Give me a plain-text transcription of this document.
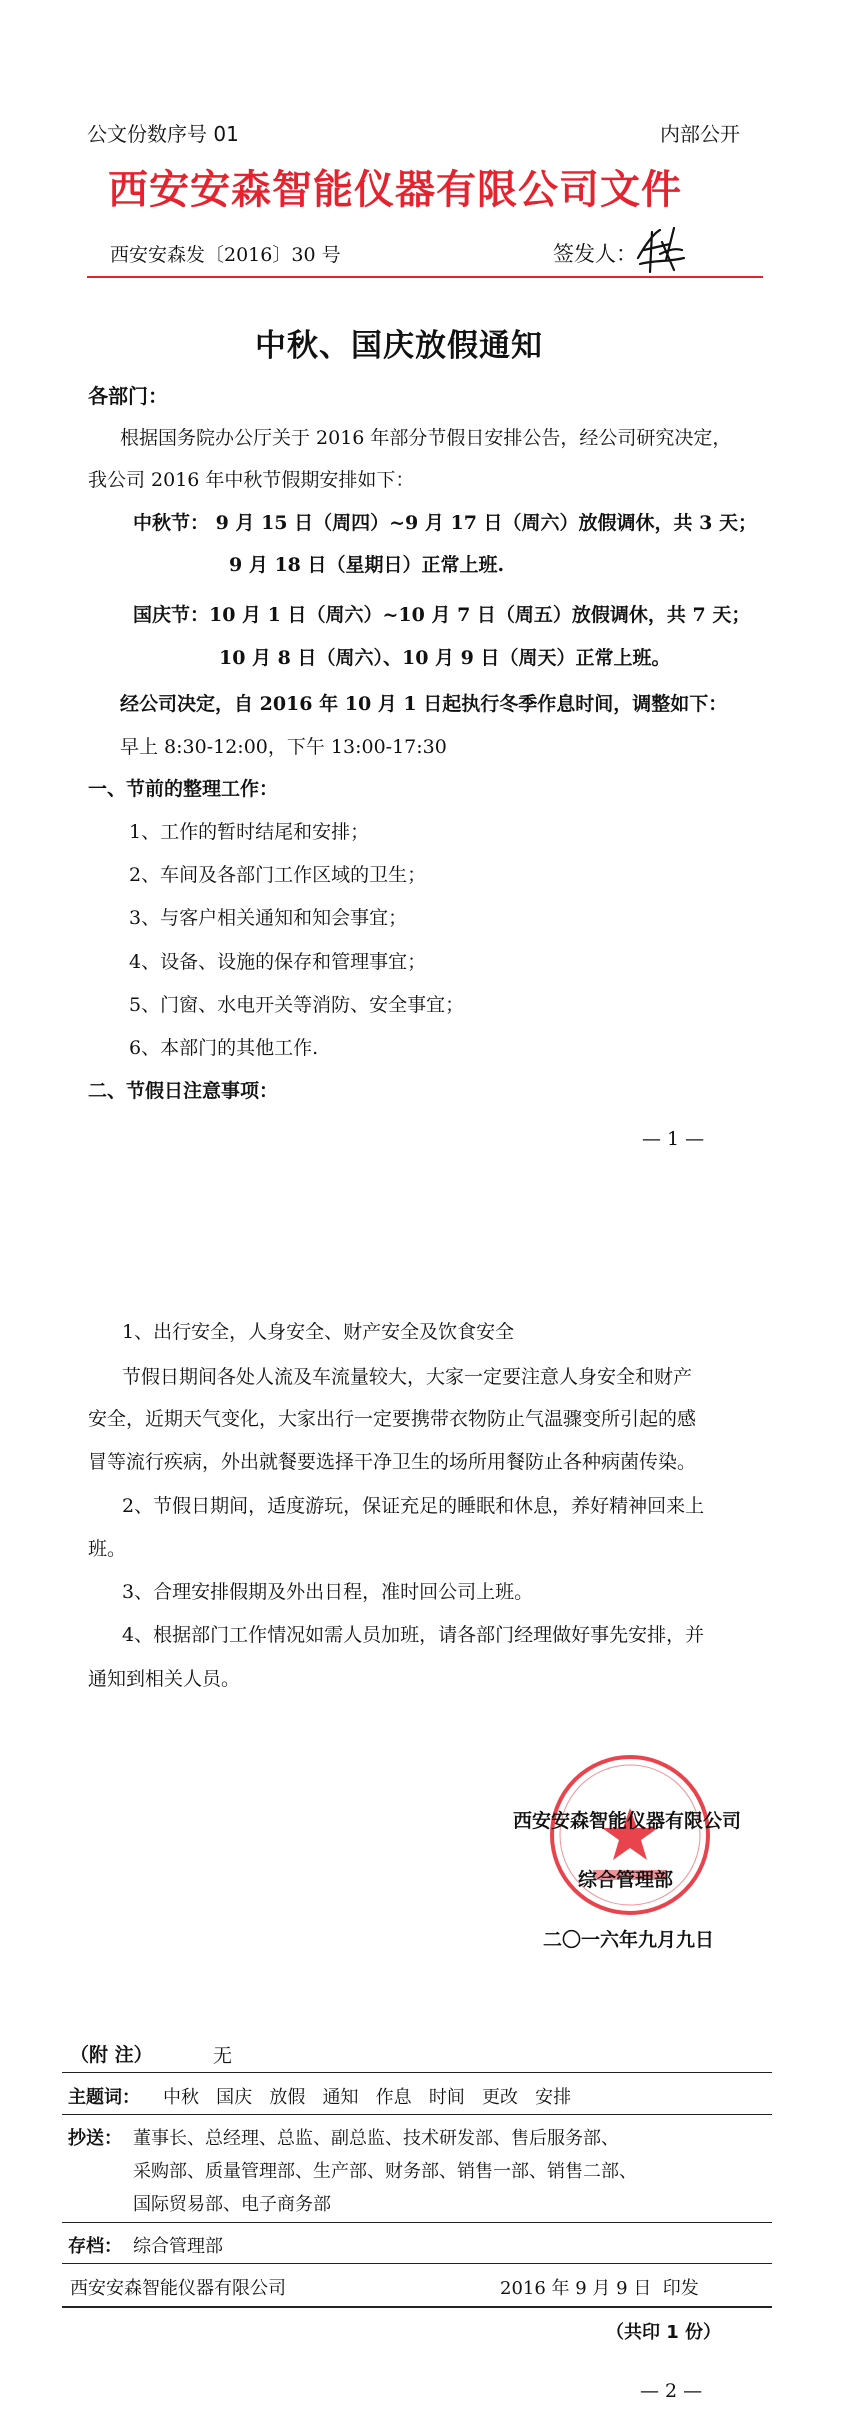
公文份数序号 01	内部公开
西安安森智能仪器有限公司文件
西安安森发〔2016〕30 号	签发人：
中秋、国庆放假通知
各部门：
根据国务院办公厅关于 2016 年部分节假日安排公告，经公司研究决定，
我公司 2016 年中秋节假期安排如下：
中秋节： 9 月 15 日（周四）~9 月 17 日（周六）放假调休，共 3 天；
9 月 18 日（星期日）正常上班.
国庆节：10 月 1 日（周六）~10 月 7 日（周五）放假调休，共 7 天；
10 月 8 日（周六）、10 月 9 日（周天）正常上班。
经公司决定，自 2016 年 10 月 1 日起执行冬季作息时间，调整如下：
早上 8:30-12:00，下午 13:00-17:30
一、节前的整理工作：
1、工作的暂时结尾和安排；
2、车间及各部门工作区域的卫生；
3、与客户相关通知和知会事宜；
4、设备、设施的保存和管理事宜；
5、门窗、水电开关等消防、安全事宜；
6、本部门的其他工作.
二、节假日注意事项：
— 1 —
1、出行安全，人身安全、财产安全及饮食安全
节假日期间各处人流及车流量较大，大家一定要注意人身安全和财产
安全，近期天气变化，大家出行一定要携带衣物防止气温骤变所引起的感
冒等流行疾病，外出就餐要选择干净卫生的场所用餐防止各种病菌传染。
2、节假日期间，适度游玩，保证充足的睡眠和休息，养好精神回来上
班。
3、合理安排假期及外出日程，准时回公司上班。
4、根据部门工作情况如需人员加班，请各部门经理做好事先安排，并
通知到相关人员。
西安安森智能仪器有限公司
综合管理部
二〇一六年九月九日
（附 注）	无
主题词： 中秋   国庆   放假   通知   作息   时间   更改   安排
抄送： 董事长、总经理、总监、副总监、技术研发部、售后服务部、
采购部、质量管理部、生产部、财务部、销售一部、销售二部、
国际贸易部、电子商务部
存档： 综合管理部
西安安森智能仪器有限公司	2016 年 9 月 9 日  印发
（共印 1 份）
— 2 —
